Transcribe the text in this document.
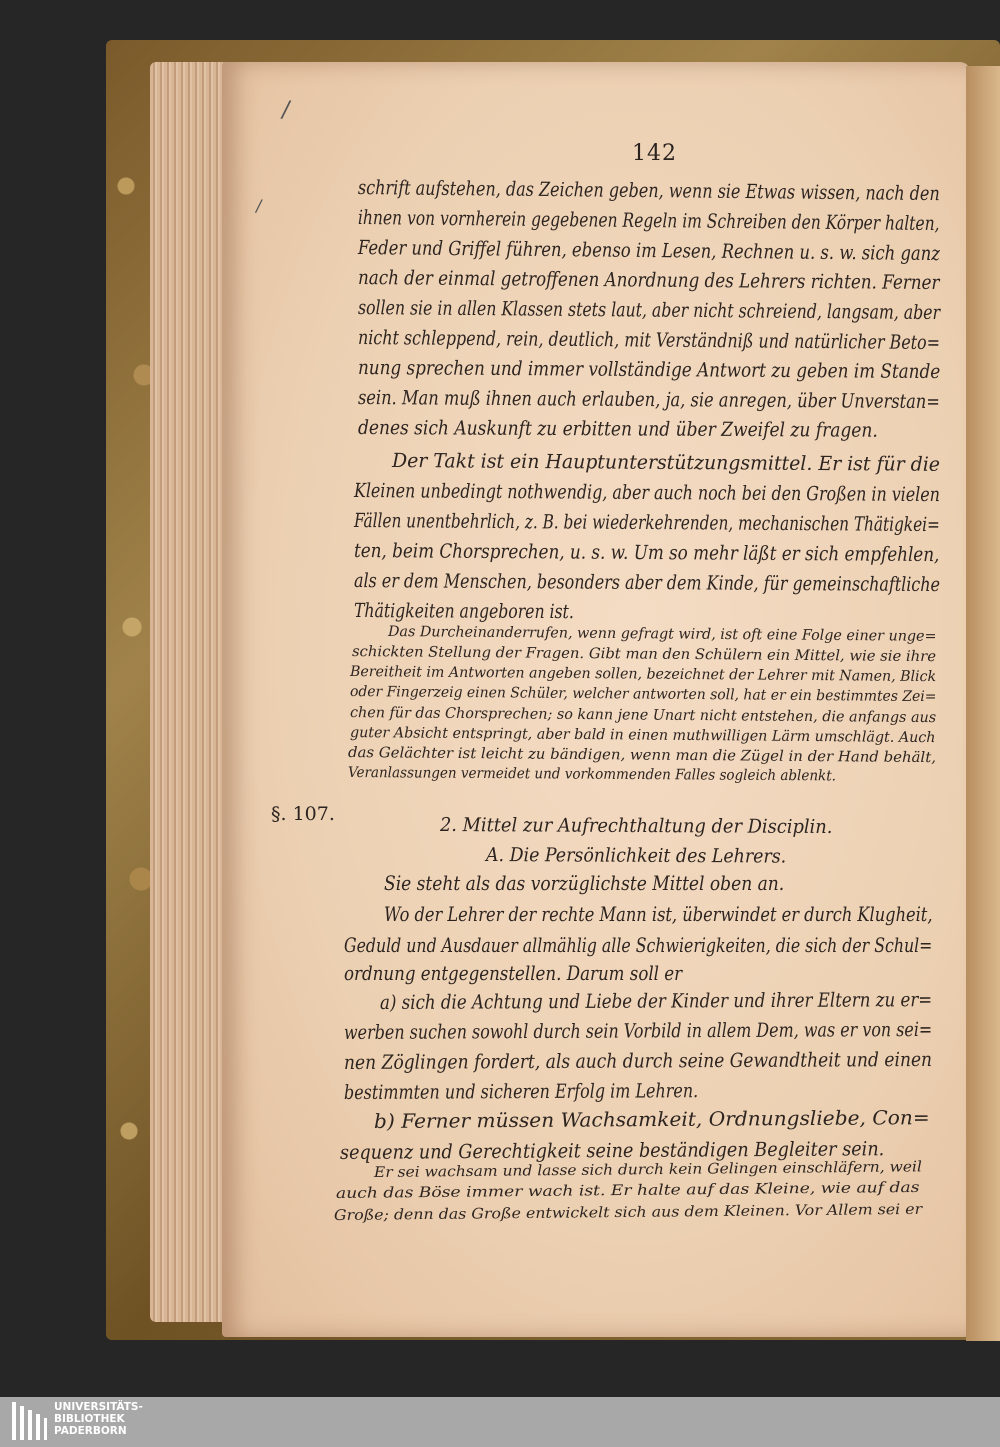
/
/
142
§. 107.
schrift aufstehen, das Zeichen geben, wenn sie Etwas wissen, nach den
ihnen von vornherein gegebenen Regeln im Schreiben den Körper halten,
Feder und Griffel führen, ebenso im Lesen, Rechnen u. s. w. sich ganz
nach der einmal getroffenen Anordnung des Lehrers richten. Ferner
sollen sie in allen Klassen stets laut, aber nicht schreiend, langsam, aber
nicht schleppend, rein, deutlich, mit Verständniß und natürlicher Beto=
nung sprechen und immer vollständige Antwort zu geben im Stande
sein. Man muß ihnen auch erlauben, ja, sie anregen, über Unverstan=
denes sich Auskunft zu erbitten und über Zweifel zu fragen.
Der Takt ist ein Hauptunterstützungsmittel. Er ist für die
Kleinen unbedingt nothwendig, aber auch noch bei den Großen in vielen
Fällen unentbehrlich, z. B. bei wiederkehrenden, mechanischen Thätigkei=
ten, beim Chorsprechen, u. s. w. Um so mehr läßt er sich empfehlen,
als er dem Menschen, besonders aber dem Kinde, für gemeinschaftliche
Thätigkeiten angeboren ist.
Das Durcheinanderrufen, wenn gefragt wird, ist oft eine Folge einer unge=
schickten Stellung der Fragen. Gibt man den Schülern ein Mittel, wie sie ihre
Bereitheit im Antworten angeben sollen, bezeichnet der Lehrer mit Namen, Blick
oder Fingerzeig einen Schüler, welcher antworten soll, hat er ein bestimmtes Zei=
chen für das Chorsprechen; so kann jene Unart nicht entstehen, die anfangs aus
guter Absicht entspringt, aber bald in einen muthwilligen Lärm umschlägt. Auch
das Gelächter ist leicht zu bändigen, wenn man die Zügel in der Hand behält,
Veranlassungen vermeidet und vorkommenden Falles sogleich ablenkt.
2. Mittel zur Aufrechthaltung der Disciplin.
A. Die Persönlichkeit des Lehrers.
Sie steht als das vorzüglichste Mittel oben an.
Wo der Lehrer der rechte Mann ist, überwindet er durch Klugheit,
Geduld und Ausdauer allmählig alle Schwierigkeiten, die sich der Schul=
ordnung entgegenstellen. Darum soll er
a) sich die Achtung und Liebe der Kinder und ihrer Eltern zu er=
werben suchen sowohl durch sein Vorbild in allem Dem, was er von sei=
nen Zöglingen fordert, als auch durch seine Gewandtheit und einen
bestimmten und sicheren Erfolg im Lehren.
b) Ferner müssen Wachsamkeit, Ordnungsliebe, Con=
sequenz und Gerechtigkeit seine beständigen Begleiter sein.
Er sei wachsam und lasse sich durch kein Gelingen einschläfern, weil
auch das Böse immer wach ist. Er halte auf das Kleine, wie auf das
Große; denn das Große entwickelt sich aus dem Kleinen. Vor Allem sei er
UNIVERSITÄTS-
BIBLIOTHEK
PADERBORN
